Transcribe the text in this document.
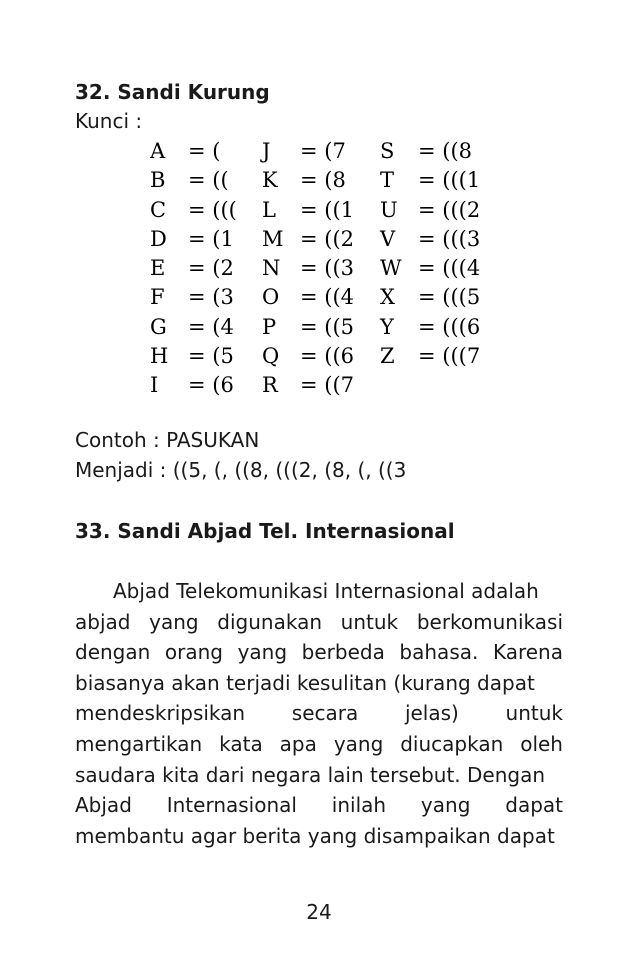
32. Sandi Kurung
Kunci :
A = ( J = (7 S = ((8
B = (( K = (8 T = (((1
C = ((( L = ((1 U = (((2
D = (1 M = ((2 V = (((3
E = (2 N = ((3 W = (((4
F = (3 O = ((4 X = (((5
G = (4 P = ((5 Y = (((6
H = (5 Q = ((6 Z = (((7
I = (6 R = ((7
Contoh : PASUKAN
Menjadi : ((5, (, ((8, (((2, (8, (, ((3
33. Sandi Abjad Tel. Internasional
Abjad Telekomunikasi Internasional adalah
abjad yang digunakan untuk berkomunikasi
dengan orang yang berbeda bahasa. Karena
biasanya akan terjadi kesulitan (kurang dapat
mendeskripsikan secara jelas) untuk
mengartikan kata apa yang diucapkan oleh
saudara kita dari negara lain tersebut. Dengan
Abjad Internasional inilah yang dapat
membantu agar berita yang disampaikan dapat
24
